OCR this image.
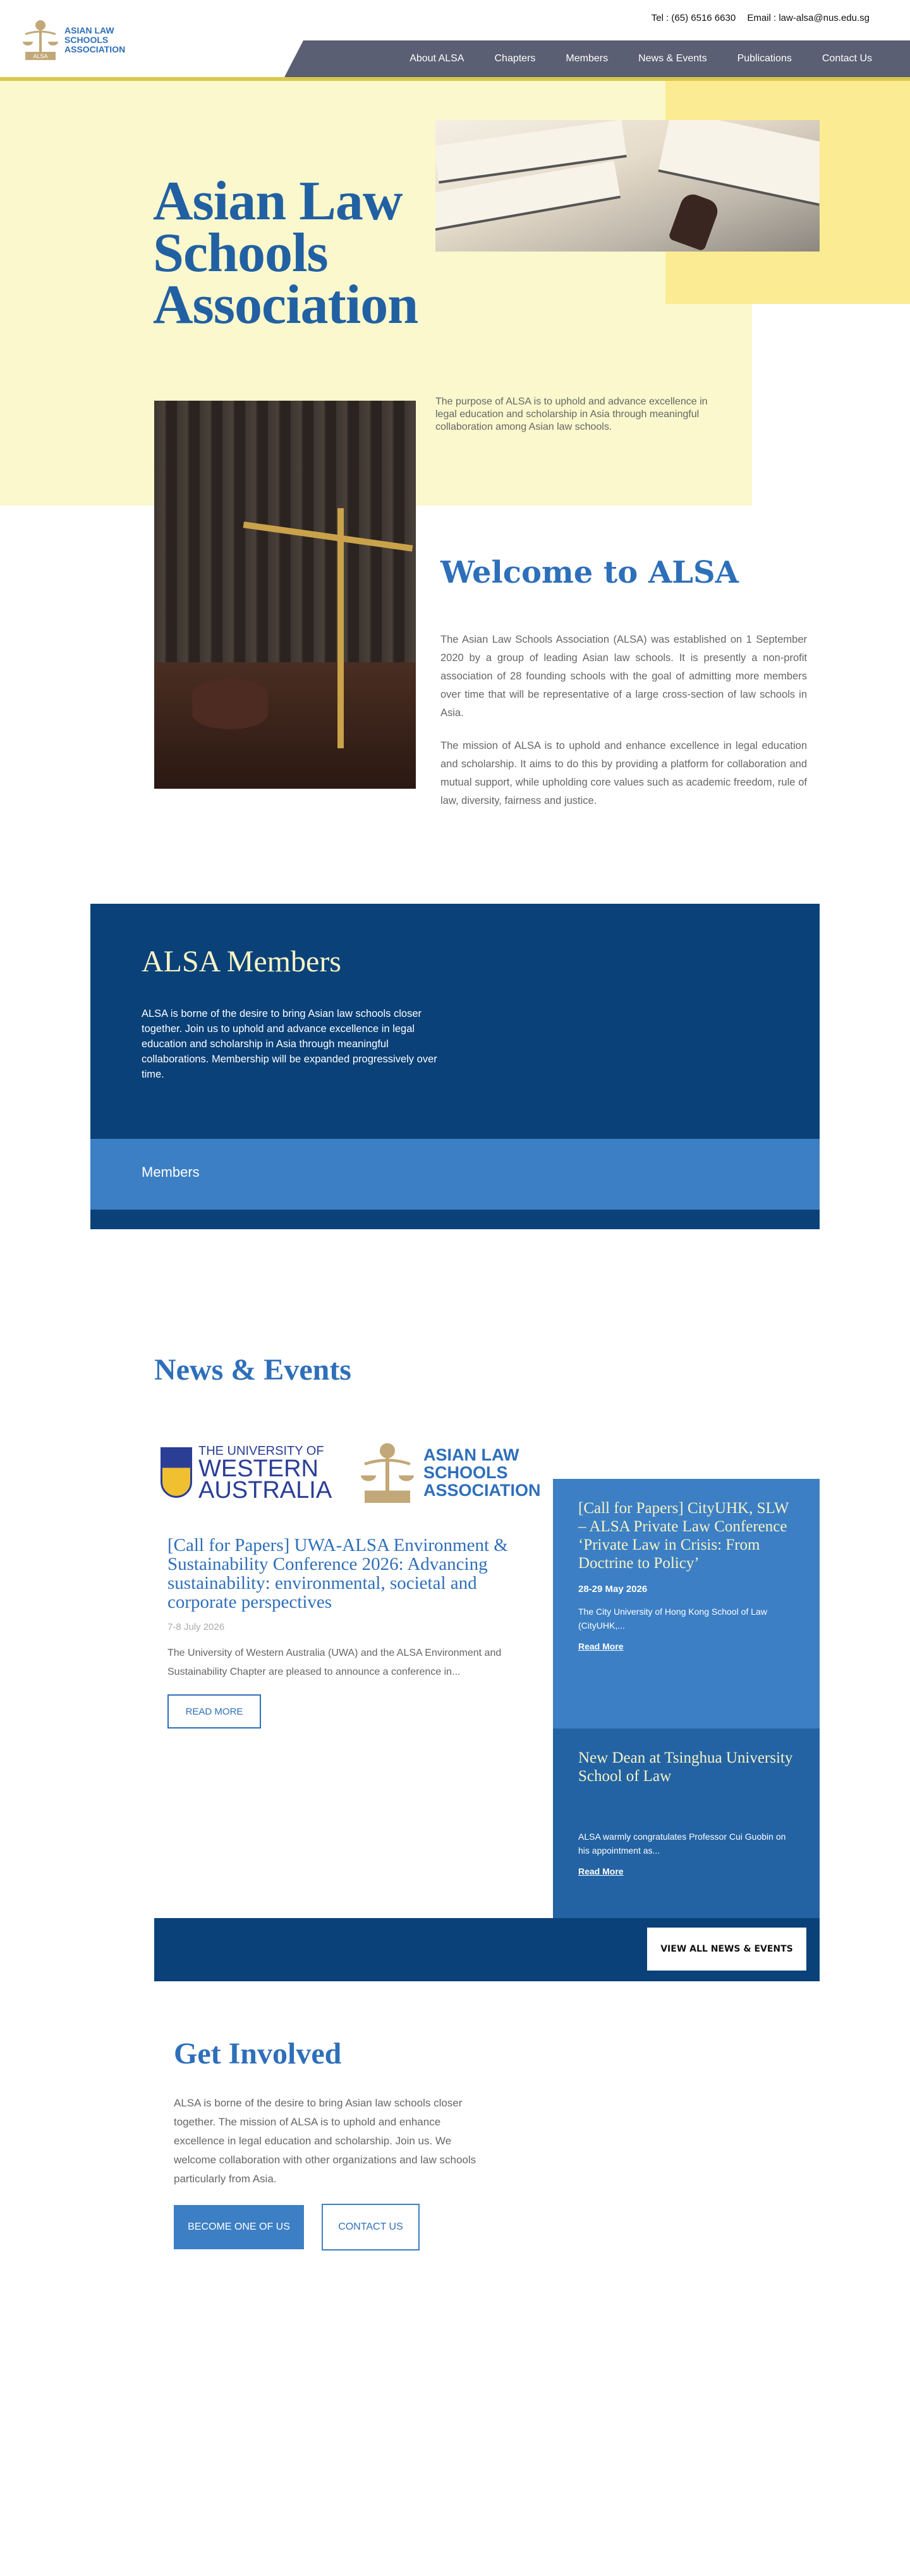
ALSA
ASIAN LAW
SCHOOLS
ASSOCIATION
Tel : (65) 6516 6630 Email : law-alsa@nus.edu.sg
About ALSA	Chapters	Members	News & Events	Publications	Contact Us
Asian Law
Schools
Association

The purpose of ALSA is to uphold and advance excellence in legal education and scholarship in Asia through meaningful collaboration among Asian law schools.

Welcome to ALSA

The Asian Law Schools Association (ALSA) was established on 1 September 2020 by a group of leading Asian law schools. It is presently a non-profit association of 28 founding schools with the goal of admitting more members over time that will be representative of a large cross-section of law schools in Asia.

The mission of ALSA is to uphold and enhance excellence in legal education and scholarship. It aims to do this by providing a platform for collaboration and mutual support, while upholding core values such as academic freedom, rule of law, diversity, fairness and justice.

ALSA Members

ALSA is borne of the desire to bring Asian law schools closer together. Join us to uphold and advance excellence in legal education and scholarship in Asia through meaningful collaborations. Membership will be expanded progressively over time.

Members
News & Events
THE UNIVERSITY OF
WESTERN
AUSTRALIA
ASIAN LAW
SCHOOLS
ASSOCIATION
[Call for Papers] UWA-ALSA Environment & Sustainability Conference 2026: Advancing sustainability: environmental, societal and corporate perspectives
7-8 July 2026

The University of Western Australia (UWA) and the ALSA Environment and Sustainability Chapter are pleased to announce a conference in...

READ MORE
[Call for Papers] CityUHK, SLW – ALSA Private Law Conference ‘Private Law in Crisis: From Doctrine to Policy’
28-29 May 2026
The City University of Hong Kong School of Law (CityUHK,...
Read More
New Dean at Tsinghua University School of Law
ALSA warmly congratulates Professor Cui Guobin on his appointment as...
Read More
VIEW ALL NEWS & EVENTS
Get Involved

ALSA is borne of the desire to bring Asian law schools closer together. The mission of ALSA is to uphold and enhance excellence in legal education and scholarship. Join us. We welcome collaboration with other organizations and law schools particularly from Asia.

BECOME ONE OF US	CONTACT US
